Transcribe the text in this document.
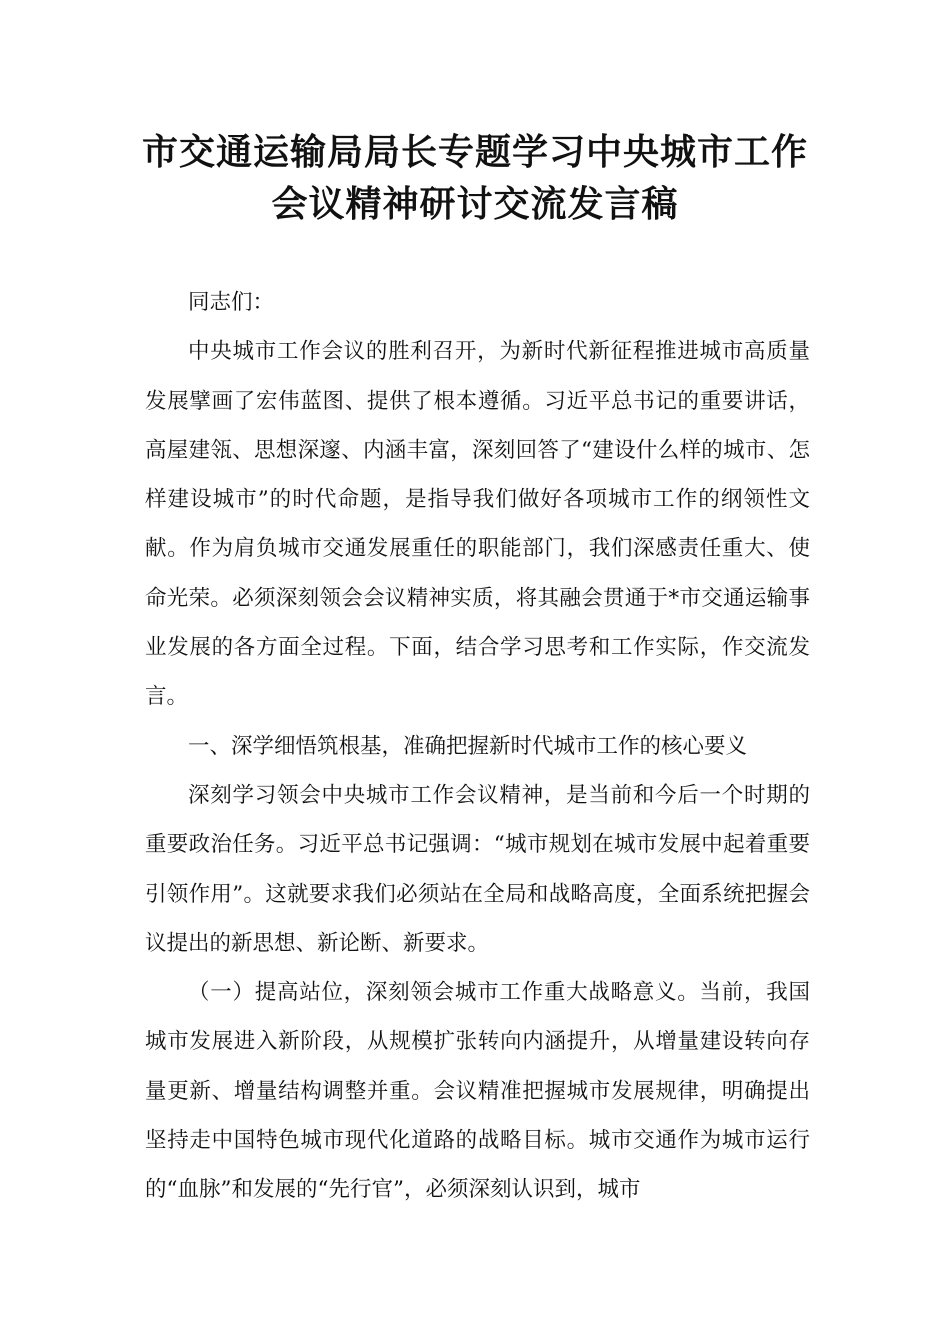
市交通运输局局长专题学习中央城市工作
会议精神研讨交流发言稿

同志们：

中央城市工作会议的胜利召开，为新时代新征程推进城市高质量发展擘画了宏伟蓝图、提供了根本遵循。习近平总书记的重要讲话，高屋建瓴、思想深邃、内涵丰富，深刻回答了“建设什么样的城市、怎样建设城市”的时代命题，是指导我们做好各项城市工作的纲领性文献。作为肩负城市交通发展重任的职能部门，我们深感责任重大、使命光荣。必须深刻领会会议精神实质，将其融会贯通于*市交通运输事业发展的各方面全过程。下面，结合学习思考和工作实际，作交流发言。

一、深学细悟筑根基，准确把握新时代城市工作的核心要义

深刻学习领会中央城市工作会议精神，是当前和今后一个时期的重要政治任务。习近平总书记强调：“城市规划在城市发展中起着重要引领作用”。这就要求我们必须站在全局和战略高度，全面系统把握会议提出的新思想、新论断、新要求。

（一）提高站位，深刻领会城市工作重大战略意义。当前，我国城市发展进入新阶段，从规模扩张转向内涵提升，从增量建设转向存量更新、增量结构调整并重。会议精准把握城市发展规律，明确提出坚持走中国特色城市现代化道路的战略目标。城市交通作为城市运行的“血脉”和发展的“先行官”，必须深刻认识到，城市
